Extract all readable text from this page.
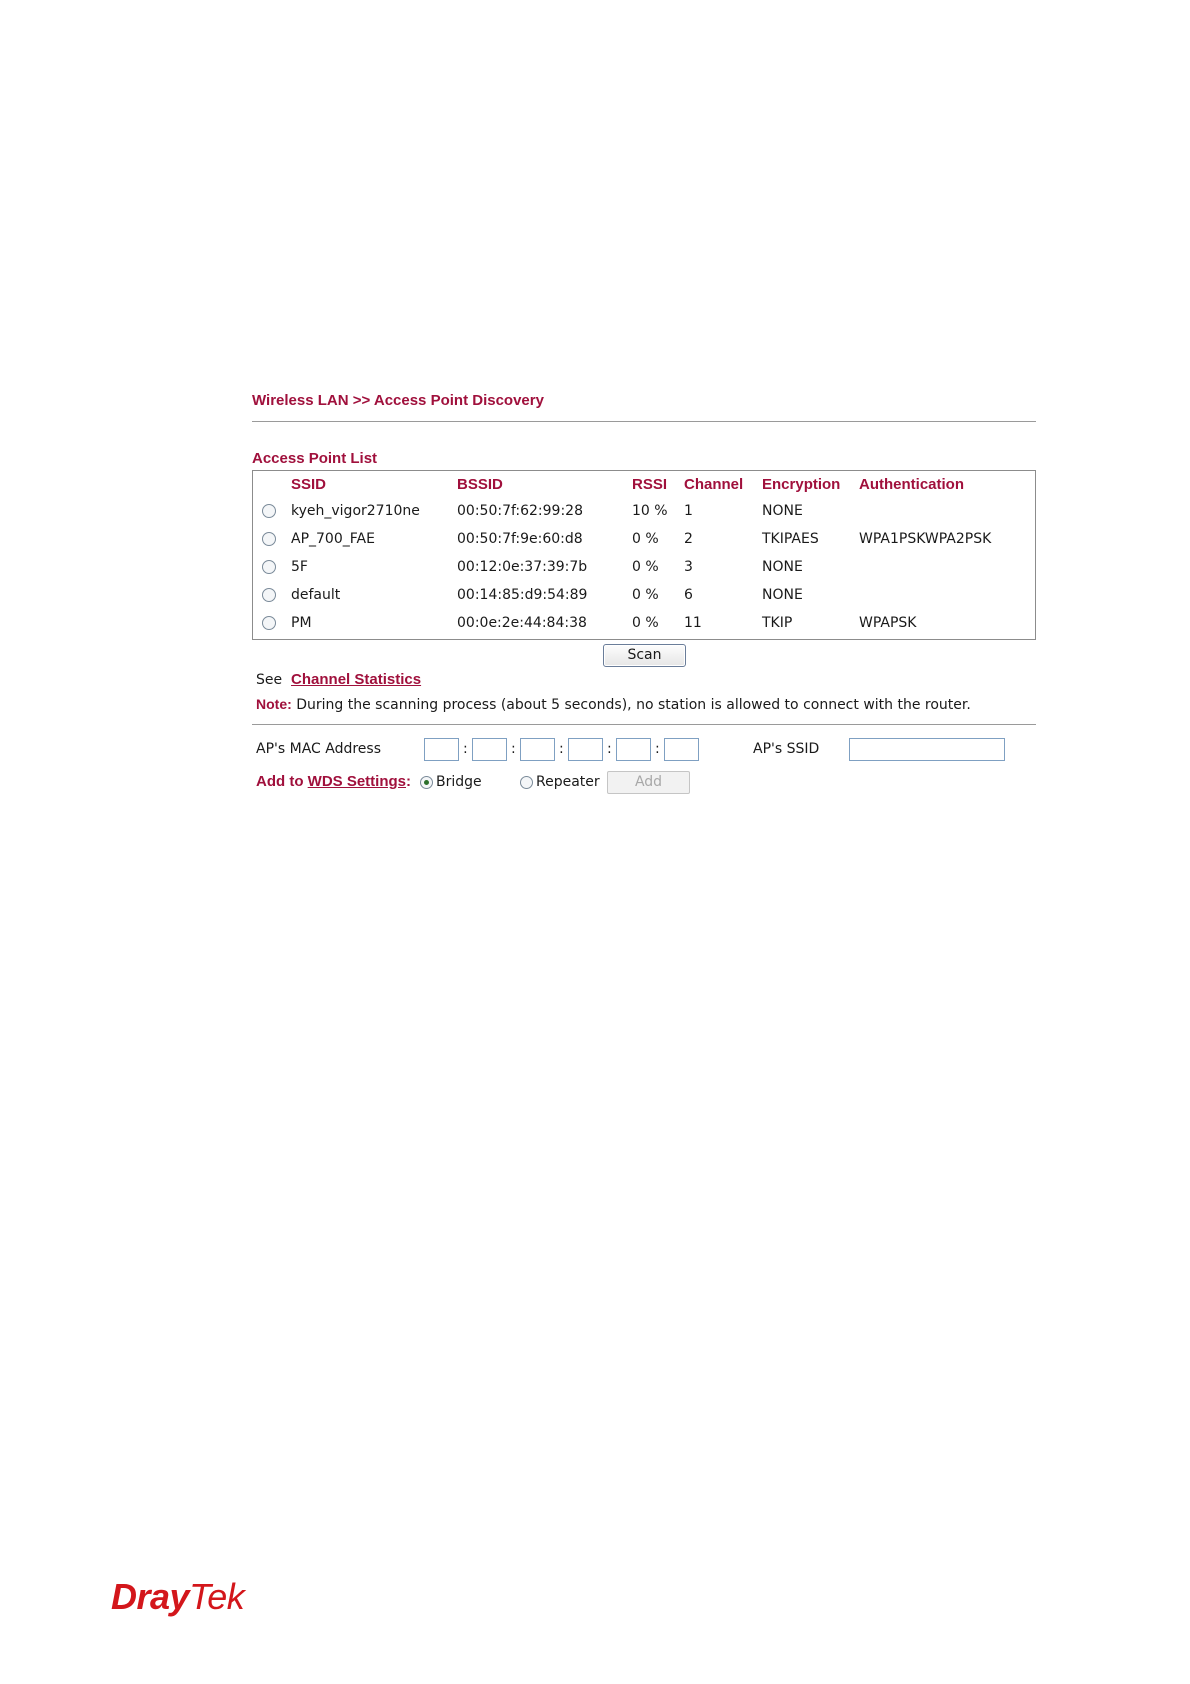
Wireless LAN >> Access Point Discovery
Access Point List
	SSID	BSSID	RSSI	Channel	Encryption	Authentication
	kyeh_vigor2710ne	00:50:7f:62:99:28	10 %	1	NONE	
	AP_700_FAE	00:50:7f:9e:60:d8	0 %	2	TKIPAES	WPA1PSKWPA2PSK
	5F	00:12:0e:37:39:7b	0 %	3	NONE	
	default	00:14:85:d9:54:89	0 %	6	NONE	
	PM	00:0e:2e:44:84:38	0 %	11	TKIP	WPAPSK
Scan
See Channel Statistics
Note: During the scanning process (about 5 seconds), no station is allowed to connect with the router.
AP's MAC Address	:	:	:	:	:	AP's SSID
Add to WDS Settings:	Bridge	Repeater	Add
DrayTek
